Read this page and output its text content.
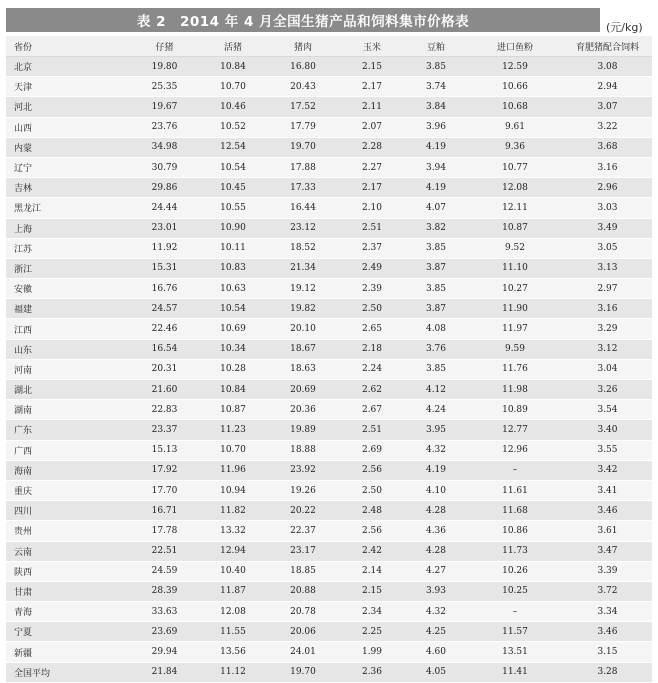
表 2　2014 年 4 月全国生猪产品和饲料集市价格表	(元/kg)
省份	仔猪	活猪	猪肉	玉米	豆粕	进口鱼粉	育肥猪配合饲料
北京	19.80	10.84	16.80	2.15	3.85	12.59	3.08
天津	25.35	10.70	20.43	2.17	3.74	10.66	2.94
河北	19.67	10.46	17.52	2.11	3.84	10.68	3.07
山西	23.76	10.52	17.79	2.07	3.96	9.61	3.22
内蒙	34.98	12.54	19.70	2.28	4.19	9.36	3.68
辽宁	30.79	10.54	17.88	2.27	3.94	10.77	3.16
吉林	29.86	10.45	17.33	2.17	4.19	12.08	2.96
黑龙江	24.44	10.55	16.44	2.10	4.07	12.11	3.03
上海	23.01	10.90	23.12	2.51	3.82	10.87	3.49
江苏	11.92	10.11	18.52	2.37	3.85	9.52	3.05
浙江	15.31	10.83	21.34	2.49	3.87	11.10	3.13
安徽	16.76	10.63	19.12	2.39	3.85	10.27	2.97
福建	24.57	10.54	19.82	2.50	3.87	11.90	3.16
江西	22.46	10.69	20.10	2.65	4.08	11.97	3.29
山东	16.54	10.34	18.67	2.18	3.76	9.59	3.12
河南	20.31	10.28	18.63	2.24	3.85	11.76	3.04
湖北	21.60	10.84	20.69	2.62	4.12	11.98	3.26
湖南	22.83	10.87	20.36	2.67	4.24	10.89	3.54
广东	23.37	11.23	19.89	2.51	3.95	12.77	3.40
广西	15.13	10.70	18.88	2.69	4.32	12.96	3.55
海南	17.92	11.96	23.92	2.56	4.19	–	3.42
重庆	17.70	10.94	19.26	2.50	4.10	11.61	3.41
四川	16.71	11.82	20.22	2.48	4.28	11.68	3.46
贵州	17.78	13.32	22.37	2.56	4.36	10.86	3.61
云南	22.51	12.94	23.17	2.42	4.28	11.73	3.47
陕西	24.59	10.40	18.85	2.14	4.27	10.26	3.39
甘肃	28.39	11.87	20.88	2.15	3.93	10.25	3.72
青海	33.63	12.08	20.78	2.34	4.32	–	3.34
宁夏	23.69	11.55	20.06	2.25	4.25	11.57	3.46
新疆	29.94	13.56	24.01	1.99	4.60	13.51	3.15
全国平均	21.84	11.12	19.70	2.36	4.05	11.41	3.28
